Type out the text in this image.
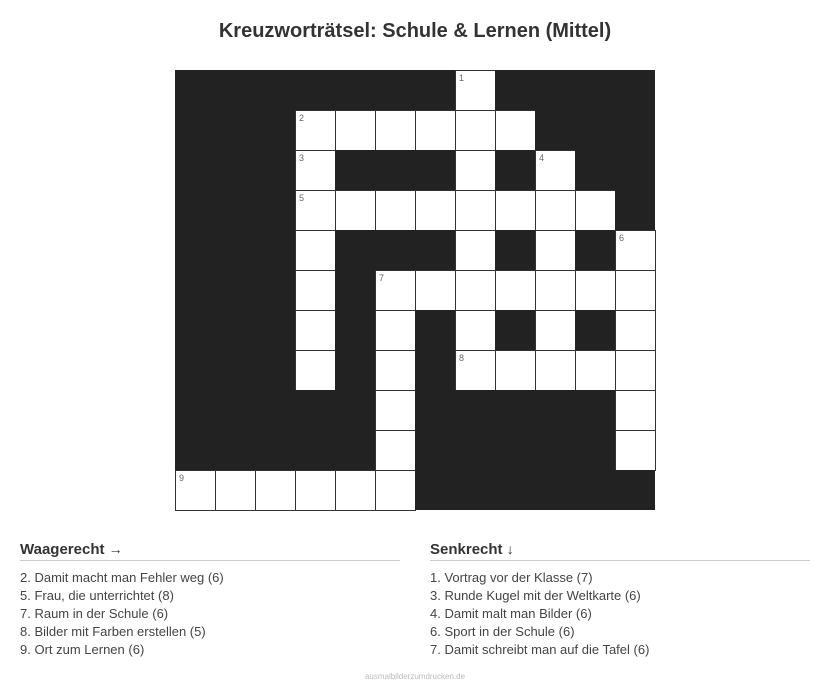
Kreuzworträtsel: Schule & Lernen (Mittel)
1
2
3	4
5
6
7
8
9
Waagerecht →
2. Damit macht man Fehler weg (6)
5. Frau, die unterrichtet (8)
7. Raum in der Schule (6)
8. Bilder mit Farben erstellen (5)
9. Ort zum Lernen (6)
Senkrecht ↓
1. Vortrag vor der Klasse (7)
3. Runde Kugel mit der Weltkarte (6)
4. Damit malt man Bilder (6)
6. Sport in der Schule (6)
7. Damit schreibt man auf die Tafel (6)
ausmalbilderzumdrucken.de
